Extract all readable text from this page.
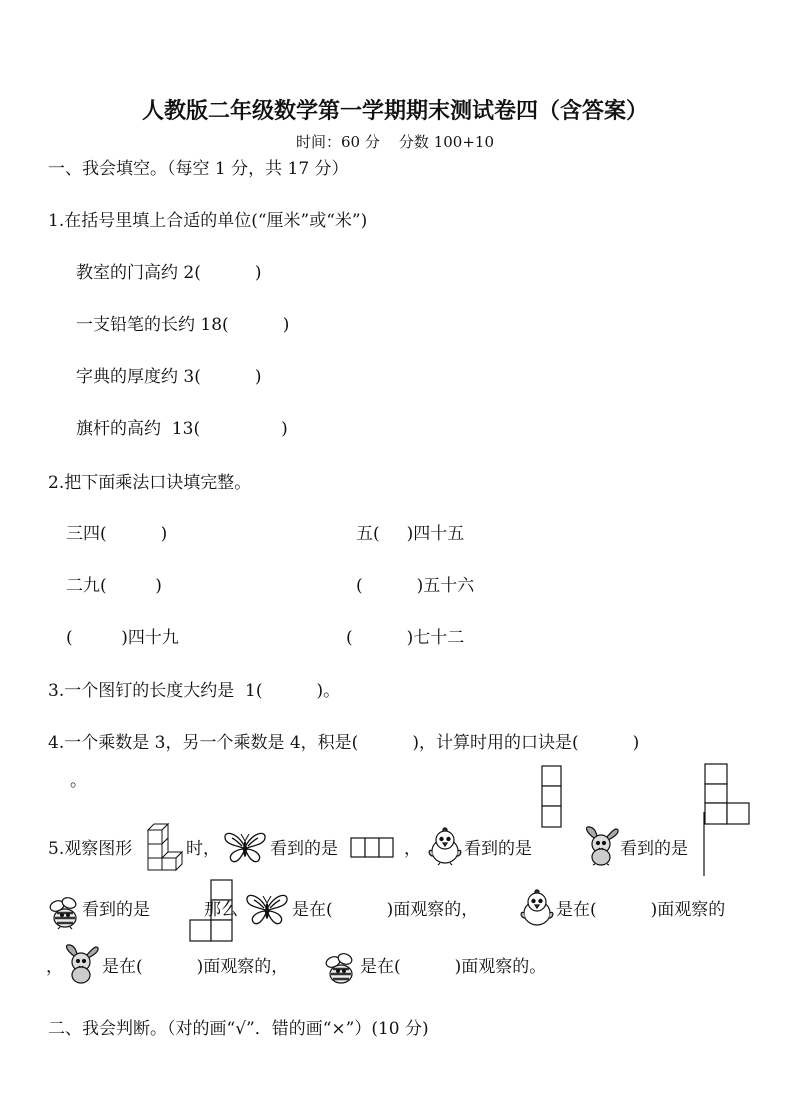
人教版二年级数学第一学期期末测试卷四（含答案）
时间：60 分    分数 100+10
一、我会填空。（每空 1 分，共 17 分）
1.在括号里填上合适的单位(“厘米”或“米”)
教室的门高约 2(          )
一支铅笔的长约 18(          )
字典的厚度约 3(          )
旗杆的高约  13(               )
2.把下面乘法口诀填完整。
三四(          )	五(     )四十五
二九(         )	(          )五十六
(         )四十九	(          )七十二
3.一个图钉的长度大约是  1(          )。
4.一个乘数是 3，另一个乘数是 4，积是(          )，计算时用的口诀是(          )
。
5.观察图形	时，	看到的是	，	看到的是	看到的是
看到的是	那么	是在(          )面观察的，	是在(          )面观察的
， 是在(          )面观察的，	是在(          )面观察的。
二、我会判断。（对的画“√”．错的画“×”）(10 分)
